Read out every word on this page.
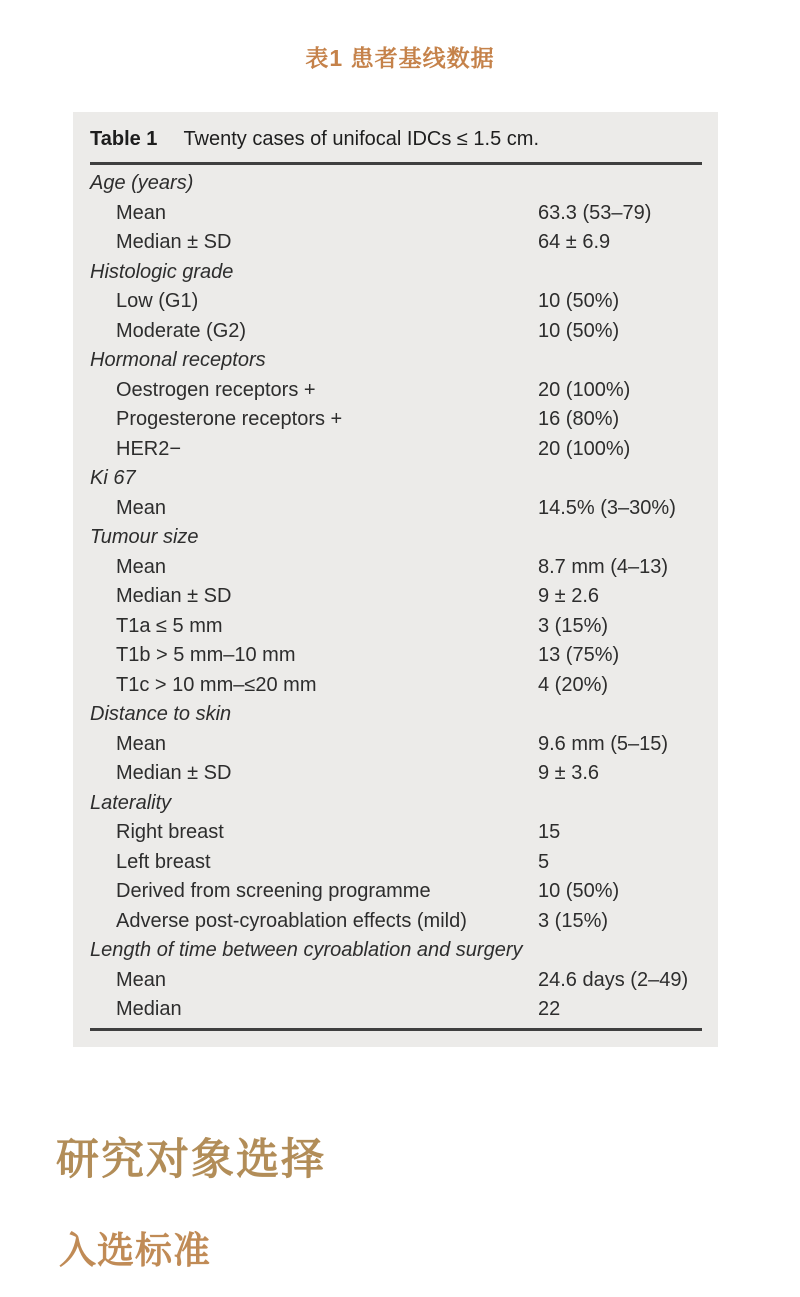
表1 患者基线数据
Table 1 Twenty cases of unifocal IDCs ≤ 1.5 cm.
Age (years)
Mean	63.3 (53–79)
Median ± SD	64 ± 6.9
Histologic grade
Low (G1)	10 (50%)
Moderate (G2)	10 (50%)
Hormonal receptors
Oestrogen receptors +	20 (100%)
Progesterone receptors +	16 (80%)
HER2−	20 (100%)
Ki 67
Mean	14.5% (3–30%)
Tumour size
Mean	8.7 mm (4–13)
Median ± SD	9 ± 2.6
T1a ≤ 5 mm	3 (15%)
T1b > 5 mm–10 mm	13 (75%)
T1c > 10 mm–≤20 mm	4 (20%)
Distance to skin
Mean	9.6 mm (5–15)
Median ± SD	9 ± 3.6
Laterality
Right breast	15
Left breast	5
Derived from screening programme	10 (50%)
Adverse post-cyroablation effects (mild)	3 (15%)
Length of time between cyroablation and surgery
Mean	24.6 days (2–49)
Median	22
研究对象选择
入选标准
